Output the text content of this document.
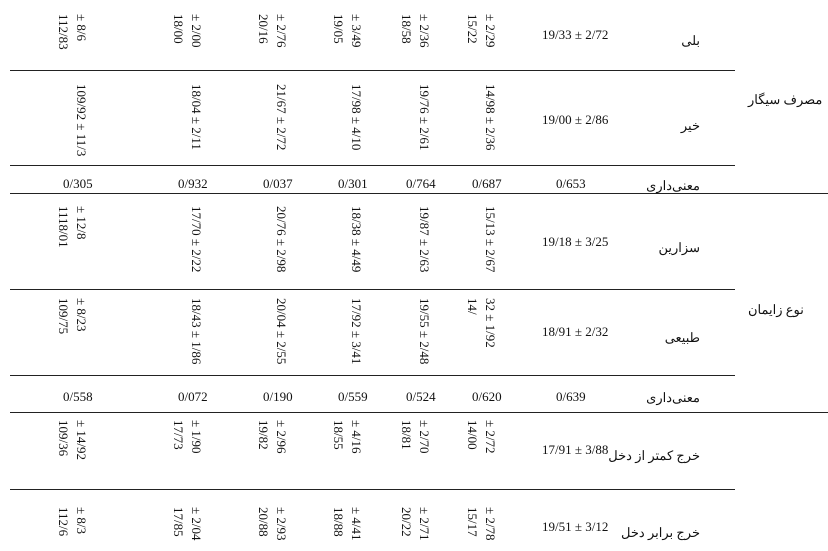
مصرف سیگار
نوع زایمان
بلی
19/33 ± 2/72
± 2/29
15/22
± 2/36
18/58
± 3/49
19/05
± 2/76
20/16
± 2/00
18/00
± 8/6
112/83
خیر
19/00 ± 2/86
14/98 ± 2/36
19/76 ± 2/61
17/98 ± 4/10
21/67 ± 2/72
18/04 ± 2/11
109/92 ± 11/3
معنی‌داری
0/653
0/687
0/764
0/301
0/037
0/932
0/305
سزارین
19/18 ± 3/25
15/13 ± 2/67
19/87 ± 2/63
18/38 ± 4/49
20/76 ± 2/98
17/70 ± 2/22
± 12/8
1118/01
طبیعی
18/91 ± 2/32
32 ± 1/92
14/
19/55 ± 2/48
17/92 ± 3/41
20/04 ± 2/55
18/43 ± 1/86
± 8/23
109/75
معنی‌داری
0/639
0/620
0/524
0/559
0/190
0/072
0/558
خرج کمتر از دخل
17/91 ± 3/88
± 2/72
14/00
± 2/70
18/81
± 4/16
18/55
± 2/96
19/82
± 1/90
17/73
± 14/92
109/36
خرج برابر دخل
19/51 ± 3/12
± 2/78
15/17
± 2/71
20/22
± 4/41
18/88
± 2/93
20/88
± 2/04
17/85
± 8/3
112/6
